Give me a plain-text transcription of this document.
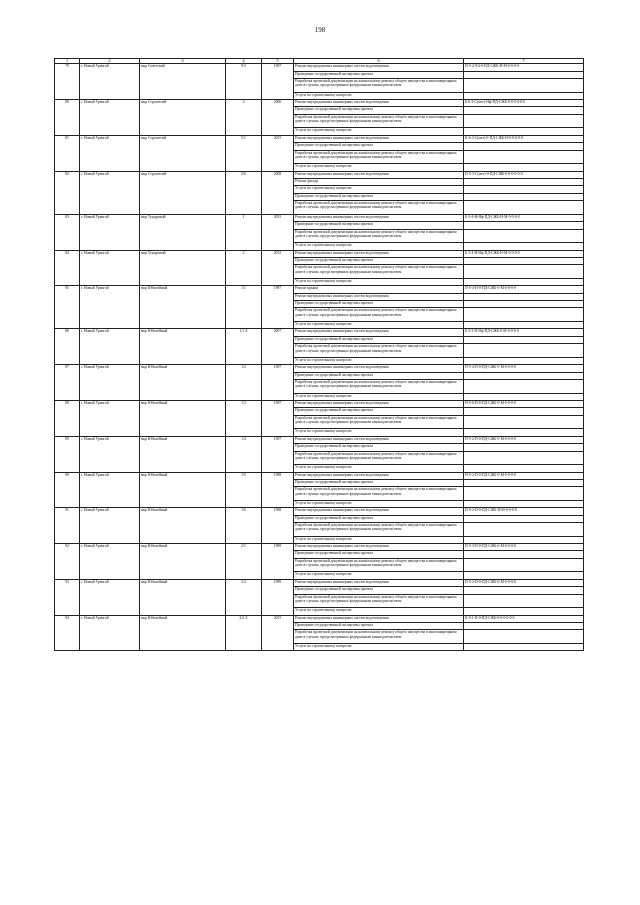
198
1	2	3	4	5	6	7
79	г. Новый Уренгой	мкр Советский	9/3	1987	Ремонт внутридомовых инженерных систем водоотведения	П-5-2-9/4-0-ПД-СЖБ-Н-М-0-0-0-0
					Проведение государственной экспертизы проекта	
					Разработка проектной документации на капитальному ремонту общего имущества в многоквартирном доме в случаях, предусмотренных федеральным законодательством	
					Услуги по строительному контролю	
80	г. Новый Уренгой	мкр Строителей	3	2006	Ремонт внутридомовых инженерных систем водоотведения	Б-6-3-С(мет)-Нф-ПД-СЖБ-0-0-0-0-0-0
					Проведение государственной экспертизы проекта	
					Разработка проектной документации на капитальному ремонту общего имущества в многоквартирном доме в случаях, предусмотренных федеральным законодательством	
					Услуги по строительному контролю	
81	г. Новый Уренгой	мкр Строителей	5/1	2015	Ремонт внутридомовых инженерных систем водоотведения	К-6-3-С(мет)-0-ПД-СЖБ-Н-0-0-0-0-0
					Проведение государственной экспертизы проекта	
					Разработка проектной документации на капитальному ремонту общего имущества в многоквартирном доме в случаях, предусмотренных федеральным законодательством	
					Услуги по строительному контролю	
82	г. Новый Уренгой	мкр Строителей	5/6	2008	Ремонт внутридомовых инженерных систем водоотведения	П-5-3-С(мет)-0-ПД-СЖБ-0-0-0-0-0-0
					Ремонт фасада	
					Услуги по строительному контролю	
					Проведение государственной экспертизы проекта	
					Разработка проектной документации на капитальному ремонту общего имущества в многоквартирном доме в случаях, предусмотренных федеральным законодательством	
83	г. Новый Уренгой	мкр Тундровый	1	2015	Ремонт внутридомовых инженерных систем водоотведения	Б-5-4-Н-Нф-ПД-СЖБ-Н-М-0-0-0-0
					Проведение государственной экспертизы проекта	
					Разработка проектной документации на капитальному ремонту общего имущества в многоквартирном доме в случаях, предусмотренных федеральным законодательством	
					Услуги по строительному контролю	
84	г. Новый Уренгой	мкр Тундровый	2	2015	Ремонт внутридомовых инженерных систем водоотведения	Б-5-4-Н-Нф-ПД-СЖБ-Н-М-0-0-0-0
					Проведение государственной экспертизы проекта	
					Разработка проектной документации на капитальному ремонту общего имущества в многоквартирном доме в случаях, предусмотренных федеральным законодательством	
					Услуги по строительному контролю	
85	г. Новый Уренгой	мкр Юбилейный	1/1	1987	Ремонт крыши	П-5-4-П-0-ПД-СЖБ-0-М-0-0-0-0
					Ремонт внутридомовых инженерных систем водоотведения	
					Проведение государственной экспертизы проекта	
					Разработка проектной документации на капитальному ремонту общего имущества в многоквартирном доме в случаях, предусмотренных федеральным законодательством	
					Услуги по строительному контролю	
86	г. Новый Уренгой	мкр Юбилейный	1/1 А	2007	Ремонт внутридомовых инженерных систем водоотведения	Б-5-3-П-Нф-ПД-СЖБ-0-М-0-0-0-0
					Проведение государственной экспертизы проекта	
					Разработка проектной документации на капитальному ремонту общего имущества в многоквартирном доме в случаях, предусмотренных федеральным законодательством	
					Услуги по строительному контролю	
87	г. Новый Уренгой	мкр Юбилейный	1/2	1987	Ремонт внутридомовых инженерных систем водоотведения	П-5-4-П-0-ПД-СЖБ-0-М-0-0-0-0
					Проведение государственной экспертизы проекта	
					Разработка проектной документации на капитальному ремонту общего имущества в многоквартирном доме в случаях, предусмотренных федеральным законодательством	
					Услуги по строительному контролю	
88	г. Новый Уренгой	мкр Юбилейный	1/3	1987	Ремонт внутридомовых инженерных систем водоотведения	П-5-6-П-0-ПД-СЖБ-0-М-0-0-0-0
					Проведение государственной экспертизы проекта	
					Разработка проектной документации на капитальному ремонту общего имущества в многоквартирном доме в случаях, предусмотренных федеральным законодательством	
					Услуги по строительному контролю	
89	г. Новый Уренгой	мкр Юбилейный	1/4	1987	Ремонт внутридомовых инженерных систем водоотведения	П-5-2-П-0-ПД-СЖБ-0-М-0-0-0-0
					Проведение государственной экспертизы проекта	
					Разработка проектной документации на капитальному ремонту общего имущества в многоквартирном доме в случаях, предусмотренных федеральным законодательством	
					Услуги по строительному контролю	
90	г. Новый Уренгой	мкр Юбилейный	1/5	1988	Ремонт внутридомовых инженерных систем водоотведения	П-5-2-П-0-ПД-СЖБ-0-М-0-0-0-0
					Проведение государственной экспертизы проекта	
					Разработка проектной документации на капитальному ремонту общего имущества в многоквартирном доме в случаях, предусмотренных федеральным законодательством	
					Услуги по строительному контролю	
91	г. Новый Уренгой	мкр Юбилейный	1/6	1988	Ремонт внутридомовых инженерных систем водоотведения	П-9-2-П-0-ПД-СЖБ-П-М-0-0-0-0
					Проведение государственной экспертизы проекта	
					Разработка проектной документации на капитальному ремонту общего имущества в многоквартирном доме в случаях, предусмотренных федеральным законодательством	
					Услуги по строительному контролю	
92	г. Новый Уренгой	мкр Юбилейный	2/1	1989	Ремонт внутридомовых инженерных систем водоотведения	П-5-3-П-0-ПД-СЖБ-0-М-0-0-0-0
					Проведение государственной экспертизы проекта	
					Разработка проектной документации на капитальному ремонту общего имущества в многоквартирном доме в случаях, предусмотренных федеральным законодательством	
					Услуги по строительному контролю	
93	г. Новый Уренгой	мкр Юбилейный	2/2	1989	Ремонт внутридомовых инженерных систем водоотведения	П-5-2-П-0-ПД-СЖБ-0-М-0-0-0-0
					Проведение государственной экспертизы проекта	
					Разработка проектной документации на капитальному ремонту общего имущества в многоквартирном доме в случаях, предусмотренных федеральным законодательством	
					Услуги по строительному контролю	
94	г. Новый Уренгой	мкр Юбилейный	2/2 А	2015	Ремонт внутридомовых инженерных систем водоотведения	К-9-1-П-0-ПД-СЖБ-0-0-0-0-0-0
					Проведение государственной экспертизы проекта	
					Разработка проектной документации на капитальному ремонту общего имущества в многоквартирном доме в случаях, предусмотренных федеральным законодательством	
					Услуги по строительному контролю	
